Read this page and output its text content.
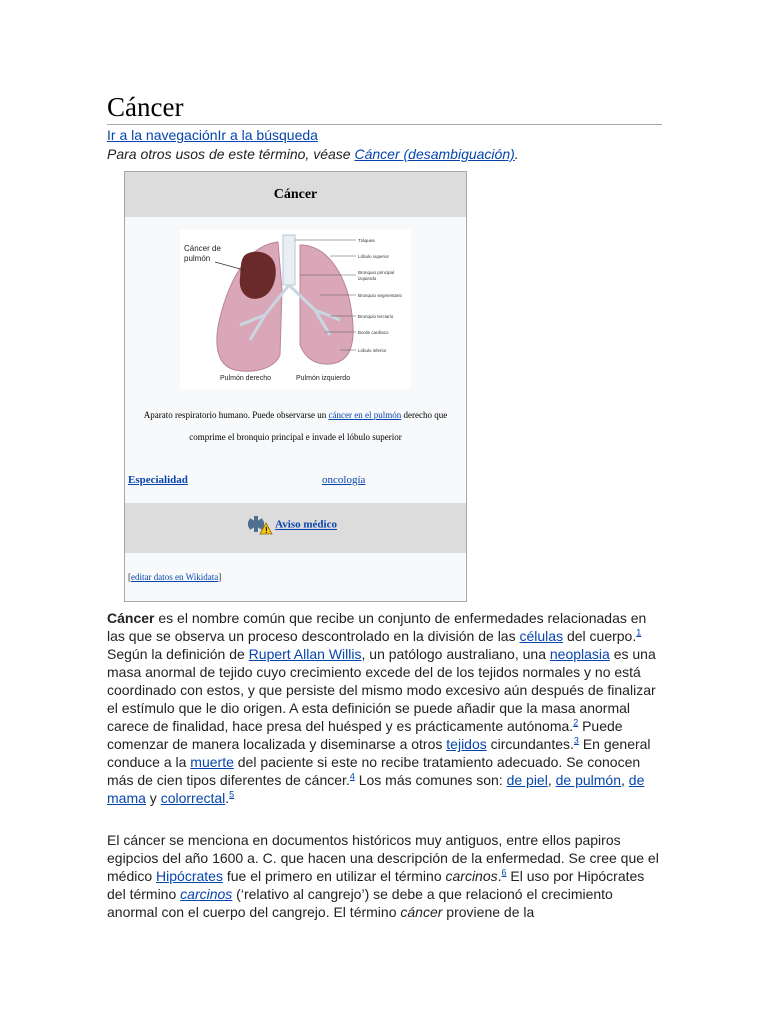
Cáncer
Ir a la navegaciónIr a la búsqueda
Para otros usos de este término, véase Cáncer (desambiguación).
Cáncer
Cáncer de
pulmón
Pulmón derecho	Pulmón izquierdo
Tráquea
Lóbulo superior
Bronquio principal
izquierdo
Bronquio segmentario
Bronquio terciario
Borde cardíaco
Lóbulo inferior
Aparato respiratorio humano. Puede observarse un cáncer en el pulmón derecho que comprime el bronquio principal e invade el lóbulo superior
Especialidad	oncología
! Aviso médico
[editar datos en Wikidata]

Cáncer es el nombre común que recibe un conjunto de enfermedades relacionadas en las que se observa un proceso descontrolado en la división de las células del cuerpo.$^1$ Según la definición de Rupert Allan Willis, un patólogo australiano, una neoplasia es una masa anormal de tejido cuyo crecimiento excede del de los tejidos normales y no está coordinado con estos, y que persiste del mismo modo excesivo aún después de finalizar el estímulo que le dio origen. A esta definición se puede añadir que la masa anormal carece de finalidad, hace presa del huésped y es prácticamente autónoma.$^2$ Puede comenzar de manera localizada y diseminarse a otros tejidos circundantes.$^3$ En general conduce a la muerte del paciente si este no recibe tratamiento adecuado. Se conocen más de cien tipos diferentes de cáncer.$^4$ Los más comunes son: de piel, de pulmón, de mama y colorrectal.$^5$

El cáncer se menciona en documentos históricos muy antiguos, entre ellos papiros egipcios del año 1600 a. C. que hacen una descripción de la enfermedad. Se cree que el médico Hipócrates fue el primero en utilizar el término carcinos.$^6$ El uso por Hipócrates del término carcinos (‘relativo al cangrejo’) se debe a que relacionó el crecimiento anormal con el cuerpo del cangrejo. El término cáncer proviene de la
